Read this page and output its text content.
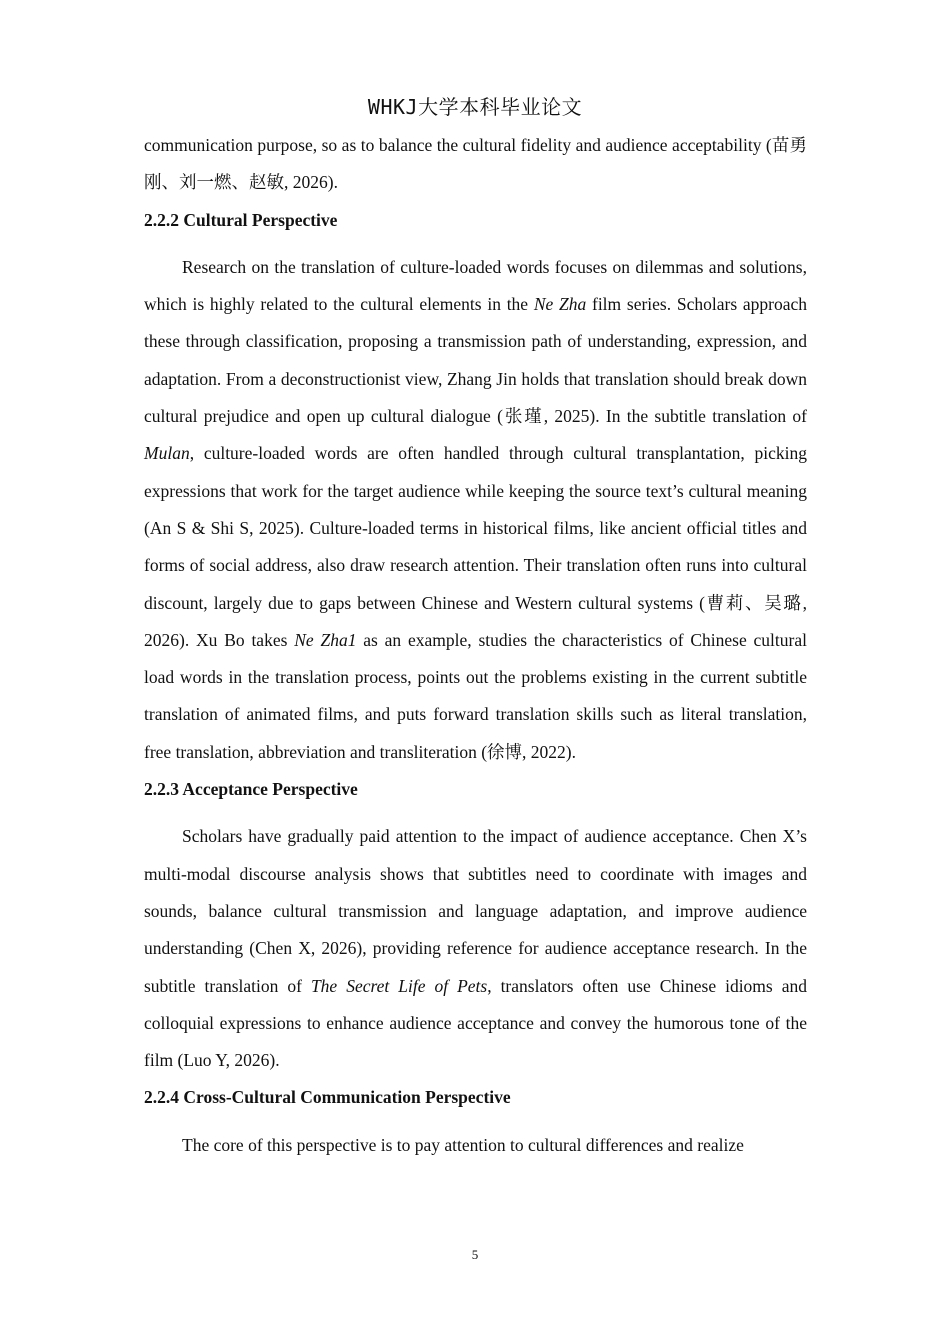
WHKJ大学本科毕业论文

communication purpose, so as to balance the cultural fidelity and audience acceptability (苗勇刚、刘一燃、赵敏, 2026).

2.2.2 Cultural Perspective

Research on the translation of culture-loaded words focuses on dilemmas and solutions, which is highly related to the cultural elements in the Ne Zha film series. Scholars approach these through classification, proposing a transmission path of understanding, expression, and adaptation. From a deconstructionist view, Zhang Jin holds that translation should break down cultural prejudice and open up cultural dialogue (张瑾, 2025). In the subtitle translation of Mulan, culture-loaded words are often handled through cultural transplantation, picking expressions that work for the target audience while keeping the source text’s cultural meaning (An S & Shi S, 2025). Culture-loaded terms in historical films, like ancient official titles and forms of social address, also draw research attention. Their translation often runs into cultural discount, largely due to gaps between Chinese and Western cultural systems (曹莉、吴璐, 2026). Xu Bo takes Ne Zha1 as an example, studies the characteristics of Chinese cultural load words in the translation process, points out the problems existing in the current subtitle translation of animated films, and puts forward translation skills such as literal translation, free translation, abbreviation and transliteration (徐博, 2022).

2.2.3 Acceptance Perspective

Scholars have gradually paid attention to the impact of audience acceptance. Chen X’s multi-modal discourse analysis shows that subtitles need to coordinate with images and sounds, balance cultural transmission and language adaptation, and improve audience understanding (Chen X, 2026), providing reference for audience acceptance research. In the subtitle translation of The Secret Life of Pets, translators often use Chinese idioms and colloquial expressions to enhance audience acceptance and convey the humorous tone of the film (Luo Y, 2026).

2.2.4 Cross-Cultural Communication Perspective

The core of this perspective is to pay attention to cultural differences and realize

5
